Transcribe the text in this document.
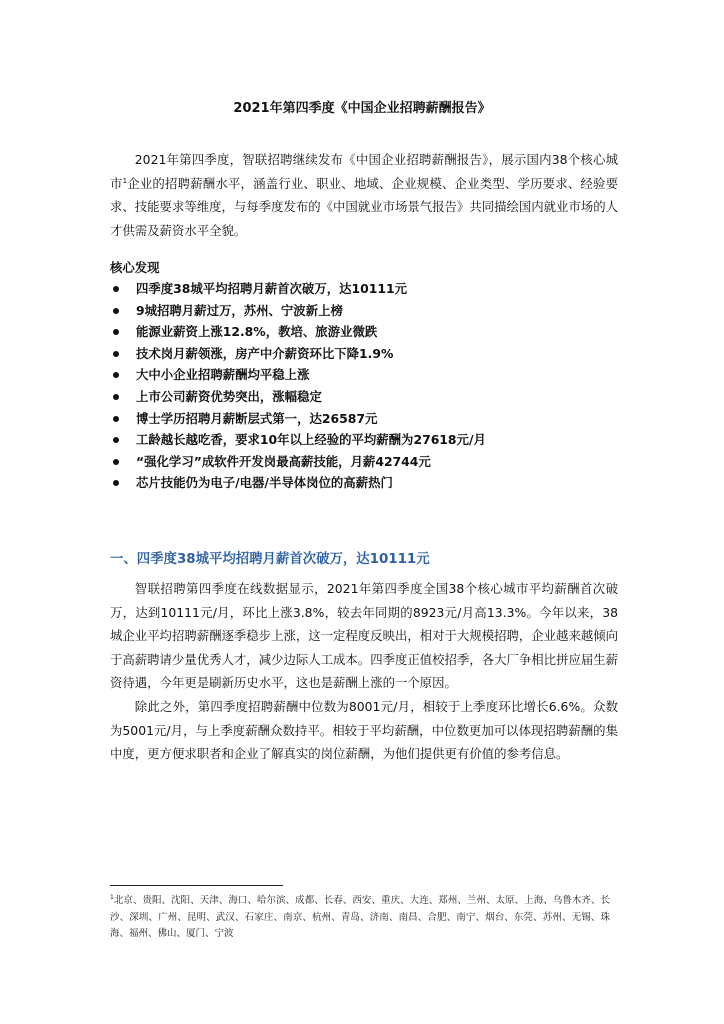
2021年第四季度《中国企业招聘薪酬报告》

2021年第四季度，智联招聘继续发布《中国企业招聘薪酬报告》，展示国内38个核心城市$^1$企业的招聘薪酬水平，涵盖行业、职业、地域、企业规模、企业类型、学历要求、经验要求、技能要求等维度，与每季度发布的《中国就业市场景气报告》共同描绘国内就业市场的人才供需及薪资水平全貌。

核心发现
四季度38城平均招聘月薪首次破万，达10111元
9城招聘月薪过万，苏州、宁波新上榜
能源业薪资上涨12.8%，教培、旅游业微跌
技术岗月薪领涨，房产中介薪资环比下降1.9%
大中小企业招聘薪酬均平稳上涨
上市公司薪资优势突出，涨幅稳定
博士学历招聘月薪断层式第一，达26587元
工龄越长越吃香，要求10年以上经验的平均薪酬为27618元/月
“强化学习”成软件开发岗最高薪技能，月薪42744元
芯片技能仍为电子/电器/半导体岗位的高薪热门
一、四季度38城平均招聘月薪首次破万，达10111元

智联招聘第四季度在线数据显示，2021年第四季度全国38个核心城市平均薪酬首次破万，达到10111元/月，环比上涨3.8%，较去年同期的8923元/月高13.3%。今年以来，38城企业平均招聘薪酬逐季稳步上涨，这一定程度反映出，相对于大规模招聘，企业越来越倾向于高薪聘请少量优秀人才，减少边际人工成本。四季度正值校招季，各大厂争相比拼应届生薪资待遇，今年更是刷新历史水平，这也是薪酬上涨的一个原因。

除此之外，第四季度招聘薪酬中位数为8001元/月，相较于上季度环比增长6.6%。众数为5001元/月，与上季度薪酬众数持平。相较于平均薪酬，中位数更加可以体现招聘薪酬的集中度，更方便求职者和企业了解真实的岗位薪酬，为他们提供更有价值的参考信息。

$^1$北京、贵阳、沈阳、天津、海口、哈尔滨、成都、长春、西安、重庆、大连、郑州、兰州、太原、上海、乌鲁木齐、长沙、深圳、广州、昆明、武汉、石家庄、南京、杭州、青岛、济南、南昌、合肥、南宁、烟台、东莞、苏州、无锡、珠海、福州、佛山、厦门、宁波
